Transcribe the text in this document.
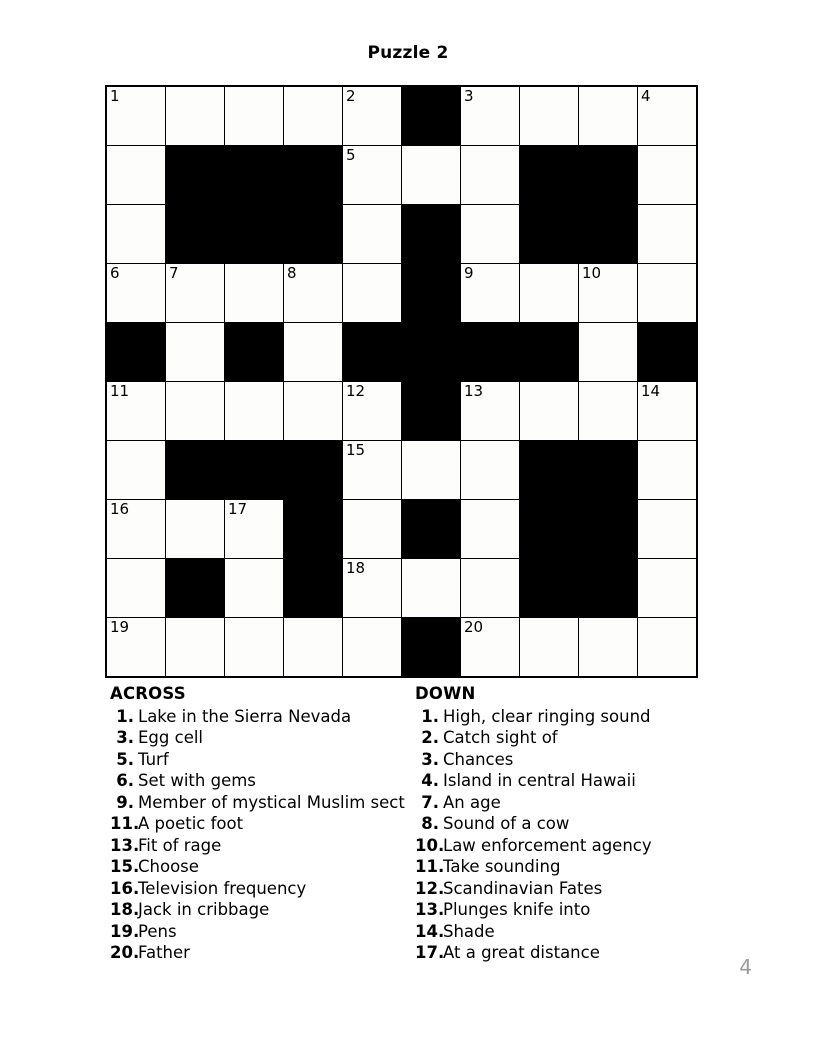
Puzzle 2
1				2		3			4

				5					

6	7		8			9		10	

11				12		13			14

				15					

16		17							

				18					

19						20			

ACROSS
1. Lake in the Sierra Nevada
3. Egg cell
5. Turf
6. Set with gems
9. Member of mystical Muslim sect
11.
A poetic foot
13.
Fit of rage
15.
Choose
16.
Television frequency
18.
Jack in cribbage
19.
Pens
20.
Father
DOWN
1. High, clear ringing sound
2. Catch sight of
3. Chances
4. Island in central Hawaii
7. An age
8. Sound of a cow
10.
Law enforcement agency
11.
Take sounding
12.
Scandinavian Fates
13.
Plunges knife into
14.
Shade
17.
At a great distance
4
